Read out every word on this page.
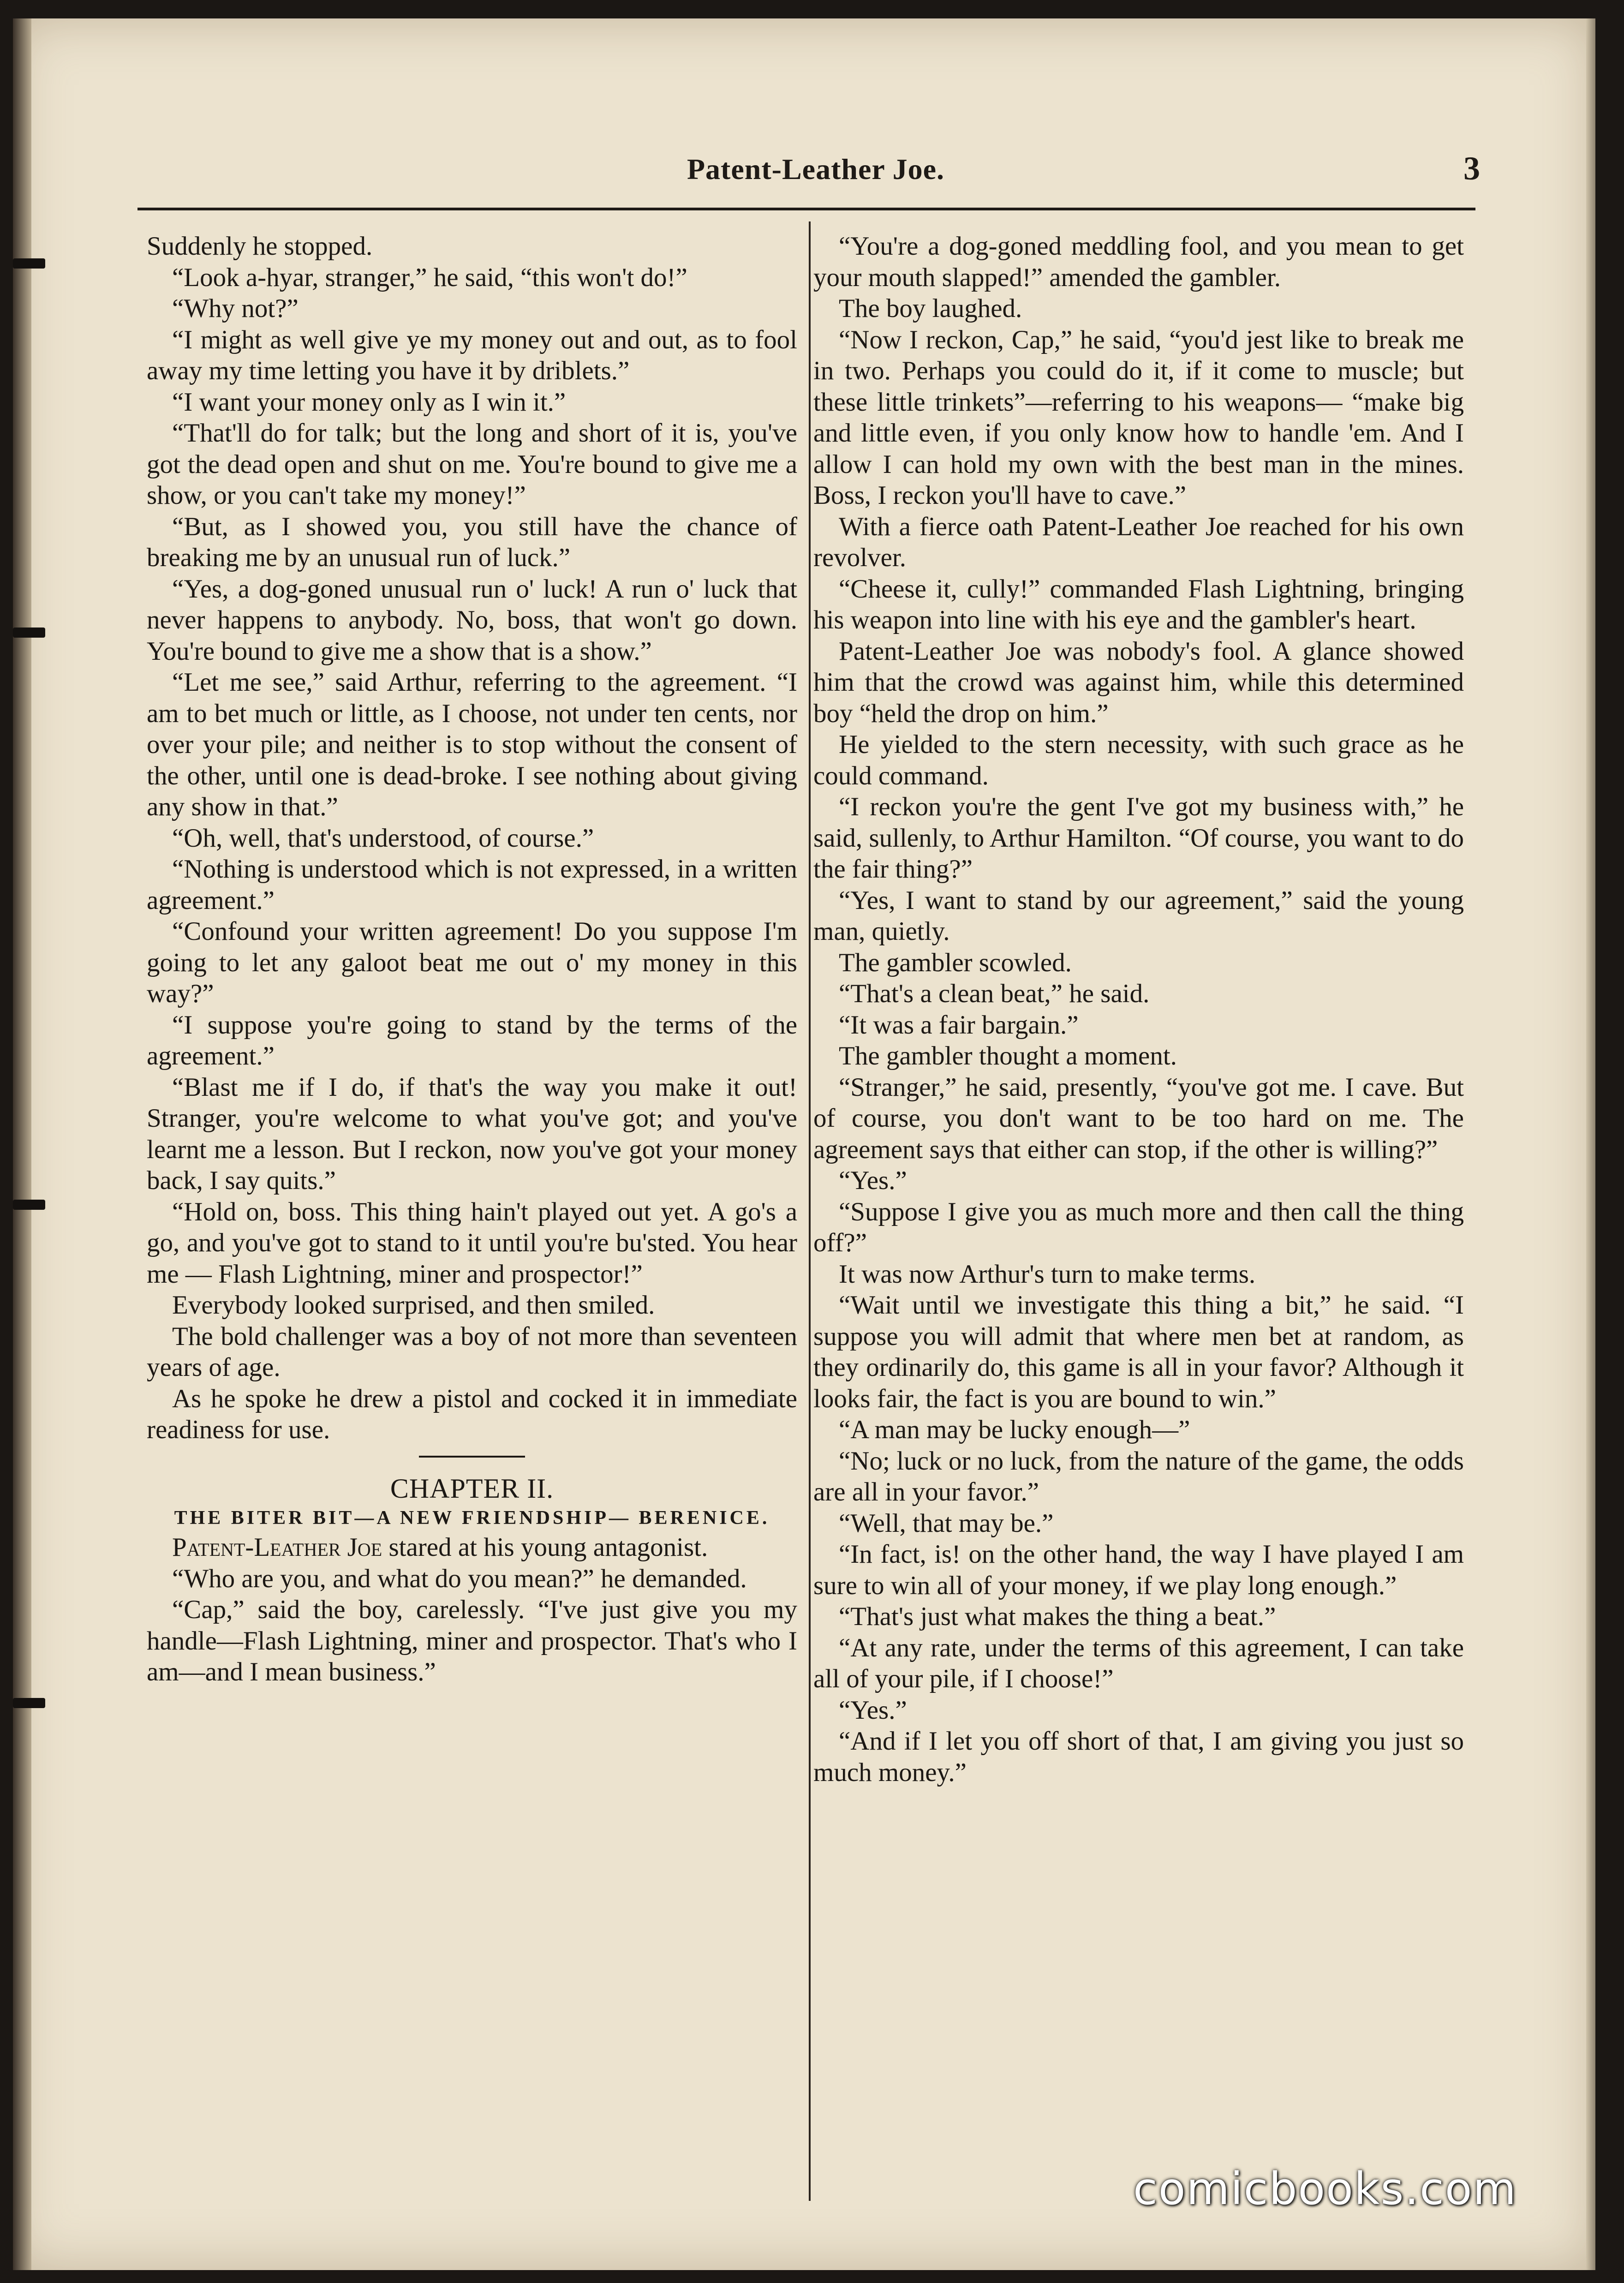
Patent-Leather Joe.	3

Suddenly he stopped.

“Look a-hyar, stranger,” he said, “this won't do!”

“Why not?”

“I might as well give ye my money out and out, as to fool away my time letting you have it by driblets.”

“I want your money only as I win it.”

“That'll do for talk; but the long and short of it is, you've got the dead open and shut on me. You're bound to give me a show, or you can't take my money!”

“But, as I showed you, you still have the chance of breaking me by an unusual run of luck.”

“Yes, a dog-goned unusual run o' luck! A run o' luck that never happens to anybody. No, boss, that won't go down. You're bound to give me a show that is a show.”

“Let me see,” said Arthur, referring to the agreement. “I am to bet much or little, as I choose, not under ten cents, nor over your pile; and neither is to stop without the consent of the other, until one is dead-broke. I see nothing about giving any show in that.”

“Oh, well, that's understood, of course.”

“Nothing is understood which is not expressed, in a written agreement.”

“Confound your written agreement! Do you suppose I'm going to let any galoot beat me out o' my money in this way?”

“I suppose you're going to stand by the terms of the agreement.”

“Blast me if I do, if that's the way you make it out! Stranger, you're welcome to what you've got; and you've learnt me a lesson. But I reckon, now you've got your money back, I say quits.”

“Hold on, boss. This thing hain't played out yet. A go's a go, and you've got to stand to it until you're bu'sted. You hear me — Flash Lightning, miner and prospector!”

Everybody looked surprised, and then smiled.

The bold challenger was a boy of not more than seventeen years of age.

As he spoke he drew a pistol and cocked it in immediate readiness for use.

CHAPTER II.
THE BITER BIT—A NEW FRIENDSHIP— BERENICE.

Patent-Leather Joe stared at his young antagonist.

“Who are you, and what do you mean?” he demanded.

“Cap,” said the boy, carelessly. “I've just give you my handle—Flash Lightning, miner and prospector. That's who I am—and I mean business.”

“You're a dog-goned meddling fool, and you mean to get your mouth slapped!” amended the gambler.

The boy laughed.

“Now I reckon, Cap,” he said, “you'd jest like to break me in two. Perhaps you could do it, if it come to muscle; but these little trinkets”—referring to his weapons— “make big and little even, if you only know how to handle 'em. And I allow I can hold my own with the best man in the mines. Boss, I reckon you'll have to cave.”

With a fierce oath Patent-Leather Joe reached for his own revolver.

“Cheese it, cully!” commanded Flash Lightning, bringing his weapon into line with his eye and the gambler's heart.

Patent-Leather Joe was nobody's fool. A glance showed him that the crowd was against him, while this determined boy “held the drop on him.”

He yielded to the stern necessity, with such grace as he could command.

“I reckon you're the gent I've got my business with,” he said, sullenly, to Arthur Hamilton. “Of course, you want to do the fair thing?”

“Yes, I want to stand by our agreement,” said the young man, quietly.

The gambler scowled.

“That's a clean beat,” he said.

“It was a fair bargain.”

The gambler thought a moment.

“Stranger,” he said, presently, “you've got me. I cave. But of course, you don't want to be too hard on me. The agreement says that either can stop, if the other is willing?”

“Yes.”

“Suppose I give you as much more and then call the thing off?”

It was now Arthur's turn to make terms.

“Wait until we investigate this thing a bit,” he said. “I suppose you will admit that where men bet at random, as they ordinarily do, this game is all in your favor? Although it looks fair, the fact is you are bound to win.”

“A man may be lucky enough—”

“No; luck or no luck, from the nature of the game, the odds are all in your favor.”

“Well, that may be.”

“In fact, is! on the other hand, the way I have played I am sure to win all of your money, if we play long enough.”

“That's just what makes the thing a beat.”

“At any rate, under the terms of this agreement, I can take all of your pile, if I choose!”

“Yes.”

“And if I let you off short of that, I am giving you just so much money.”

comicbooks.com
